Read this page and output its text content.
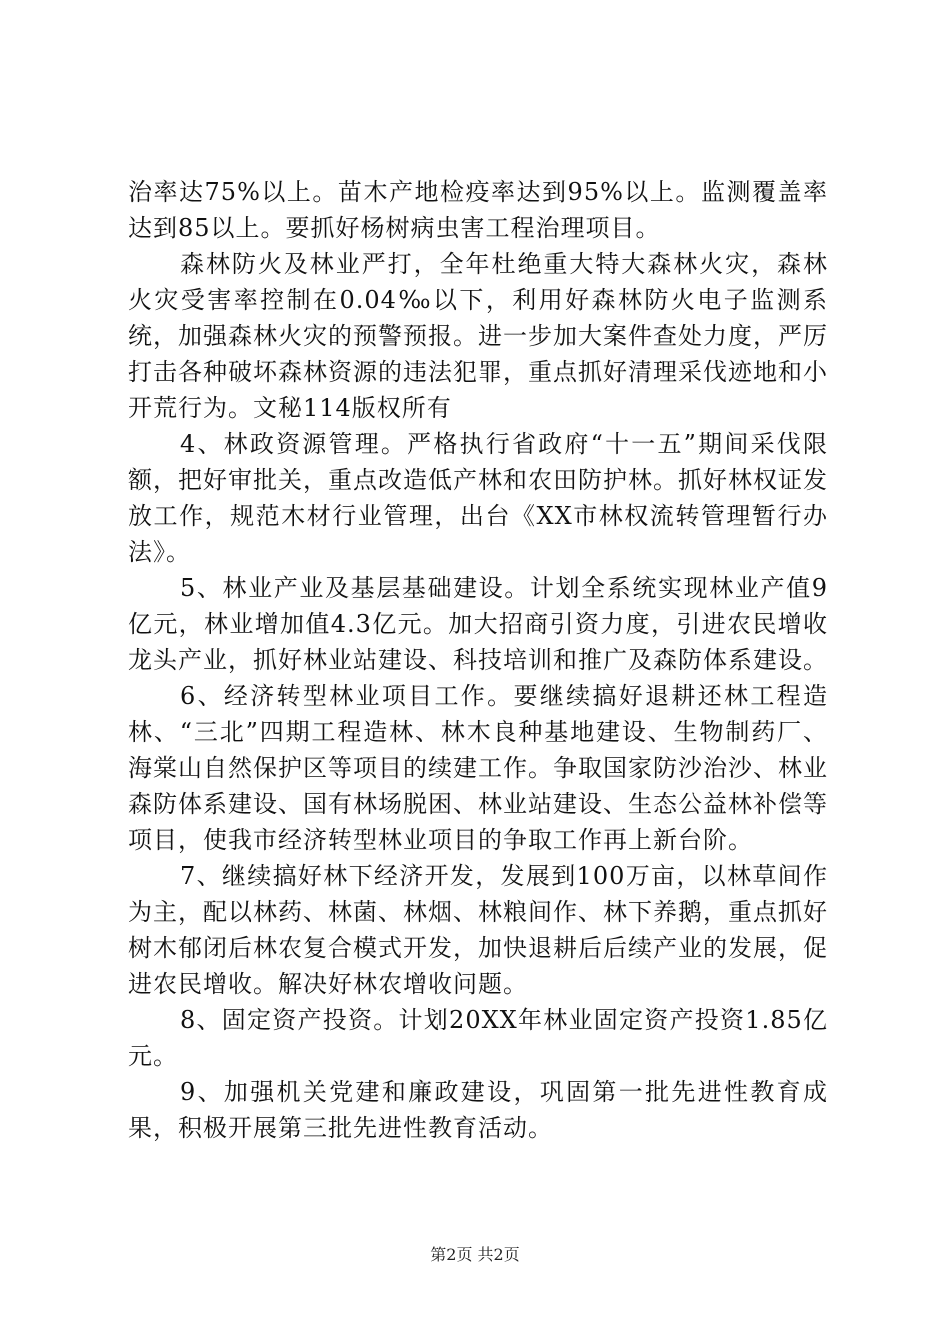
治率达75%以上。苗木产地检疫率达到95%以上。监测覆盖率达到85以上。要抓好杨树病虫害工程治理项目。

森林防火及林业严打，全年杜绝重大特大森林火灾，森林火灾受害率控制在0.04‰以下，利用好森林防火电子监测系统，加强森林火灾的预警预报。进一步加大案件查处力度，严厉打击各种破坏森林资源的违法犯罪，重点抓好清理采伐迹地和小开荒行为。文秘114版权所有

4、林政资源管理。严格执行省政府“十一五”期间采伐限额，把好审批关，重点改造低产林和农田防护林。抓好林权证发放工作，规范木材行业管理，出台《XX市林权流转管理暂行办法》。

5、林业产业及基层基础建设。计划全系统实现林业产值9亿元，林业增加值4.3亿元。加大招商引资力度，引进农民增收龙头产业，抓好林业站建设、科技培训和推广及森防体系建设。

6、经济转型林业项目工作。要继续搞好退耕还林工程造林、“三北”四期工程造林、林木良种基地建设、生物制药厂、海棠山自然保护区等项目的续建工作。争取国家防沙治沙、林业森防体系建设、国有林场脱困、林业站建设、生态公益林补偿等项目，使我市经济转型林业项目的争取工作再上新台阶。

7、继续搞好林下经济开发，发展到100万亩，以林草间作为主，配以林药、林菌、林烟、林粮间作、林下养鹅，重点抓好树木郁闭后林农复合模式开发，加快退耕后后续产业的发展，促进农民增收。解决好林农增收问题。

8、固定资产投资。计划20XX年林业固定资产投资1.85亿元。

9、加强机关党建和廉政建设，巩固第一批先进性教育成果，积极开展第三批先进性教育活动。

第2页 共2页
